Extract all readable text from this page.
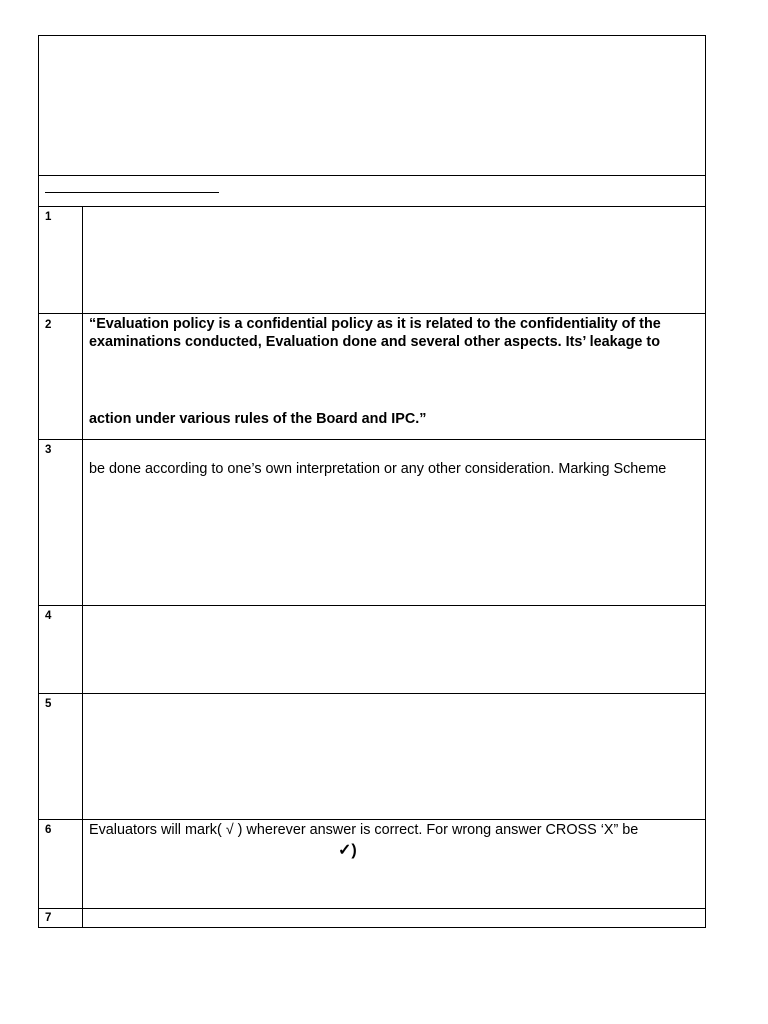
1
2
3
4
5
6
7
“Evaluation policy is a confidential policy as it is related to the confidentiality of the
examinations conducted, Evaluation done and several other aspects. Its’ leakage to
action under various rules of the Board and IPC.”
be done according to one’s own interpretation or any other consideration. Marking Scheme
Evaluators will mark( √ ) wherever answer is correct. For wrong answer CROSS ‘X” be
✓)
